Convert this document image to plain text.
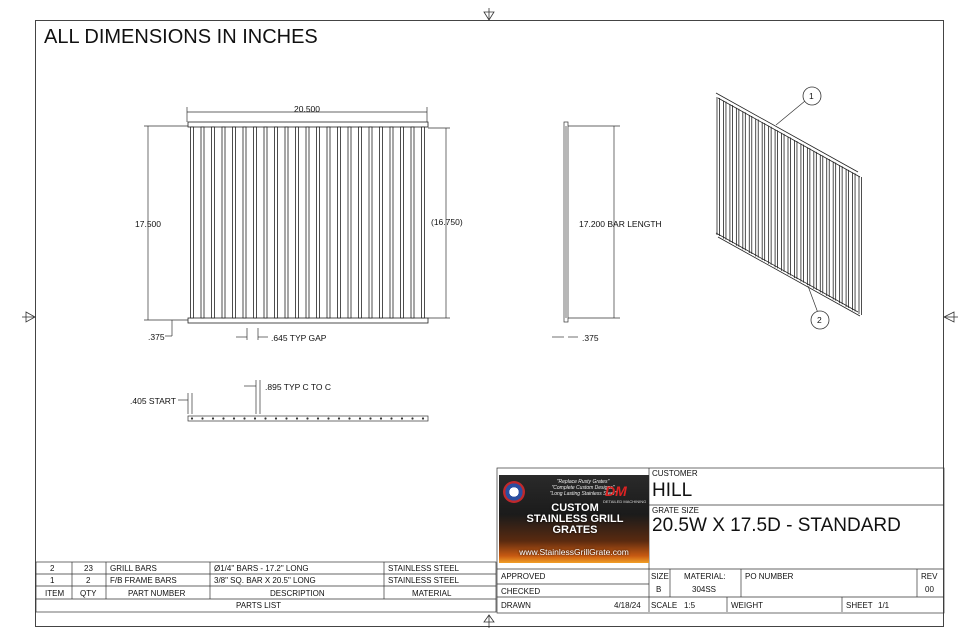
"Replace Rusty Grates"
"Complete Custom Designs"
"Long Lasting Stainless Steel"
DM
DETAILED MACHINING
CUSTOM
STAINLESS GRILL GRATES
www.StainlessGrillGrate.com
ALL DIMENSIONS IN INCHES
20.500
17.500	(16.750)
.375	.645 TYP GAP
17.200 BAR LENGTH
.375
.405 START
.895 TYP C TO C
1
2
2	23 GRILL BARS	Ø1/4" BARS - 17.2" LONG	STAINLESS STEEL
1	2 F/B FRAME BARS	3/8" SQ. BAR X 20.5" LONG	STAINLESS STEEL
ITEM QTY	PART NUMBER	DESCRIPTION	MATERIAL
PARTS LIST
CUSTOMER
HILL
GRATE SIZE
20.5W X 17.5D - STANDARD
APPROVED
CHECKED
DRAWN	4/18/24
SIZE
B
MATERIAL:
304SS
PO NUMBER	REV
00
SCALE 1:5	WEIGHT	SHEET 1/1
